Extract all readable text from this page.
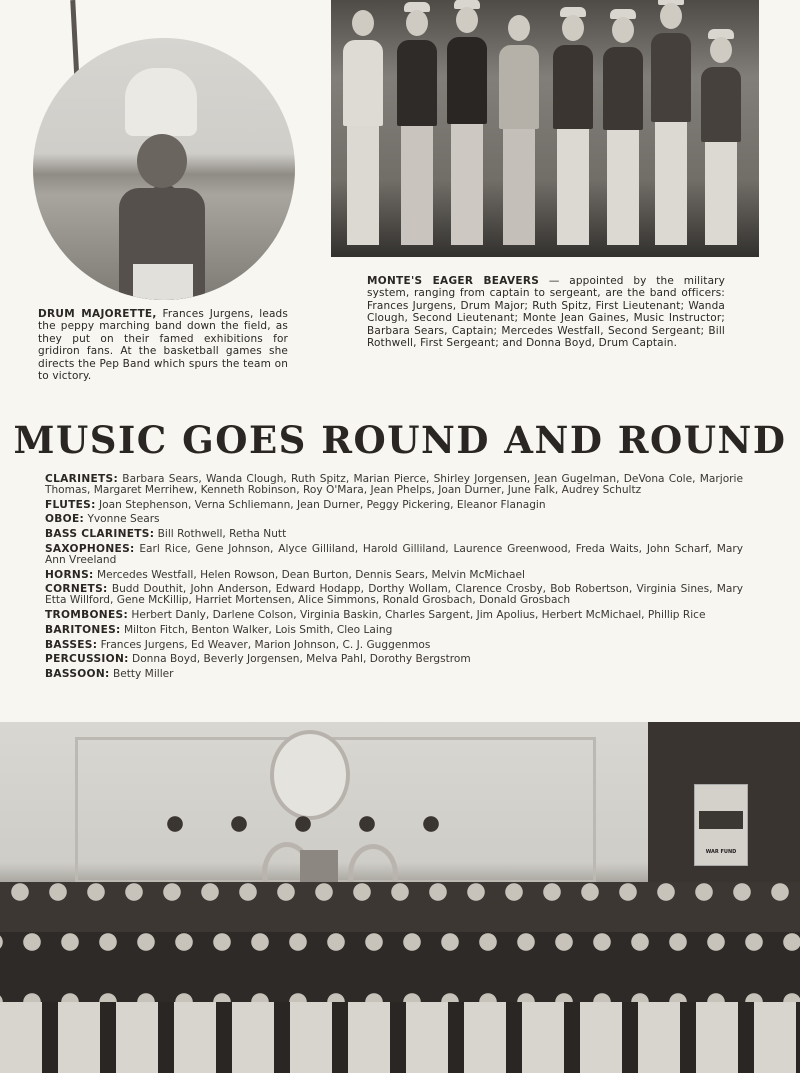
DRUM MAJORETTE, Frances Jurgens, leads the peppy marching band down the field, as they put on their famed exhibitions for gridiron fans. At the basketball games she directs the Pep Band which spurs the team on to victory.
MONTE'S EAGER BEAVERS — appointed by the military system, ranging from captain to sergeant, are the band officers: Frances Jurgens, Drum Major; Ruth Spitz, First Lieutenant; Wanda Clough, Second Lieutenant; Monte Jean Gaines, Music Instructor; Barbara Sears, Captain; Mercedes Westfall, Second Sergeant; Bill Rothwell, First Sergeant; and Donna Boyd, Drum Captain.
MUSIC GOES ROUND AND ROUND
CLARINETS: Barbara Sears, Wanda Clough, Ruth Spitz, Marian Pierce, Shirley Jorgensen, Jean Gugelman, DeVona Cole, Marjorie Thomas, Margaret Merrihew, Kenneth Robinson, Roy O'Mara, Jean Phelps, Joan Durner, June Falk, Audrey Schultz
FLUTES: Joan Stephenson, Verna Schliemann, Jean Durner, Peggy Pickering, Eleanor Flanagin
OBOE: Yvonne Sears
BASS CLARINETS: Bill Rothwell, Retha Nutt
SAXOPHONES: Earl Rice, Gene Johnson, Alyce Gilliland, Harold Gilliland, Laurence Greenwood, Freda Waits, John Scharf, Mary Ann Vreeland
HORNS: Mercedes Westfall, Helen Rowson, Dean Burton, Dennis Sears, Melvin McMichael
CORNETS: Budd Douthit, John Anderson, Edward Hodapp, Dorthy Wollam, Clarence Crosby, Bob Robertson, Virginia Sines, Mary Etta Willford, Gene McKillip, Harriet Mortensen, Alice Simmons, Ronald Grosbach, Donald Grosbach
TROMBONES: Herbert Danly, Darlene Colson, Virginia Baskin, Charles Sargent, Jim Apolius, Herbert McMichael, Phillip Rice
BARITONES: Milton Fitch, Benton Walker, Lois Smith, Cleo Laing
BASSES: Frances Jurgens, Ed Weaver, Marion Johnson, C. J. Guggenmos
PERCUSSION: Donna Boyd, Beverly Jorgensen, Melva Pahl, Dorothy Bergstrom
BASSOON: Betty Miller
WAR FUND
